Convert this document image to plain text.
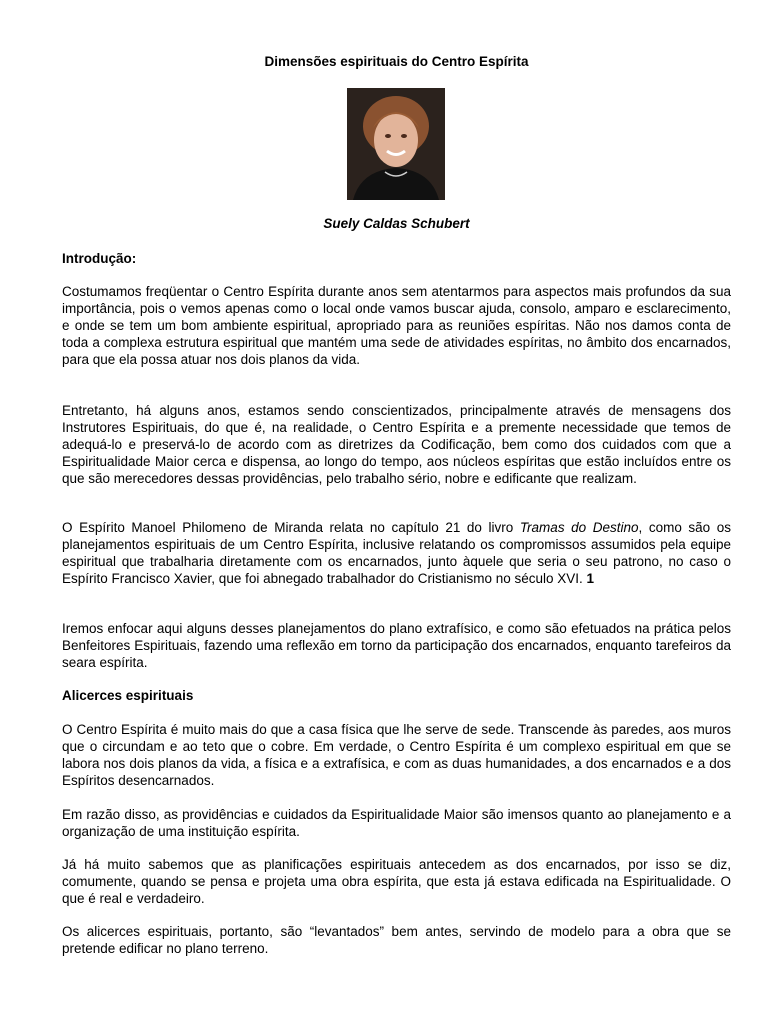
Dimensões espirituais do Centro Espírita
Suely Caldas Schubert
Introdução:

Costumamos freqüentar o Centro Espírita durante anos sem atentarmos para aspectos mais profundos da sua importância, pois o vemos apenas como o local onde vamos buscar ajuda, consolo, amparo e esclarecimento, e onde se tem um bom ambiente espiritual, apropriado para as reuniões espíritas. Não nos damos conta de toda a complexa estrutura espiritual que mantém uma sede de atividades espíritas, no âmbito dos encarnados, para que ela possa atuar nos dois planos da vida.

Entretanto, há alguns anos, estamos sendo conscientizados, principalmente através de mensagens dos Instrutores Espirituais, do que é, na realidade, o Centro Espírita e a premente necessidade que temos de adequá-lo e preservá-lo de acordo com as diretrizes da Codificação, bem como dos cuidados com que a Espiritualidade Maior cerca e dispensa, ao longo do tempo, aos núcleos espíritas que estão incluídos entre os que são merecedores dessas providências, pelo trabalho sério, nobre e edificante que realizam.

O Espírito Manoel Philomeno de Miranda relata no capítulo 21 do livro Tramas do Destino, como são os planejamentos espirituais de um Centro Espírita, inclusive relatando os compromissos assumidos pela equipe espiritual que trabalharia diretamente com os encarnados, junto àquele que seria o seu patrono, no caso o Espírito Francisco Xavier, que foi abnegado trabalhador do Cristianismo no século XVI. 1

Iremos enfocar aqui alguns desses planejamentos do plano extrafísico, e como são efetuados na prática pelos Benfeitores Espirituais, fazendo uma reflexão em torno da participação dos encarnados, enquanto tarefeiros da seara espírita.

Alicerces espirituais

O Centro Espírita é muito mais do que a casa física que lhe serve de sede. Transcende às paredes, aos muros que o circundam e ao teto que o cobre. Em verdade, o Centro Espírita é um complexo espiritual em que se labora nos dois planos da vida, a física e a extrafísica, e com as duas humanidades, a dos encarnados e a dos Espíritos desencarnados.

Em razão disso, as providências e cuidados da Espiritualidade Maior são imensos quanto ao planejamento e a organização de uma instituição espírita.

Já há muito sabemos que as planificações espirituais antecedem as dos encarnados, por isso se diz, comumente, quando se pensa e projeta uma obra espírita, que esta já estava edificada na Espiritualidade. O que é real e verdadeiro.

Os alicerces espirituais, portanto, são “levantados” bem antes, servindo de modelo para a obra que se pretende edificar no plano terreno.
